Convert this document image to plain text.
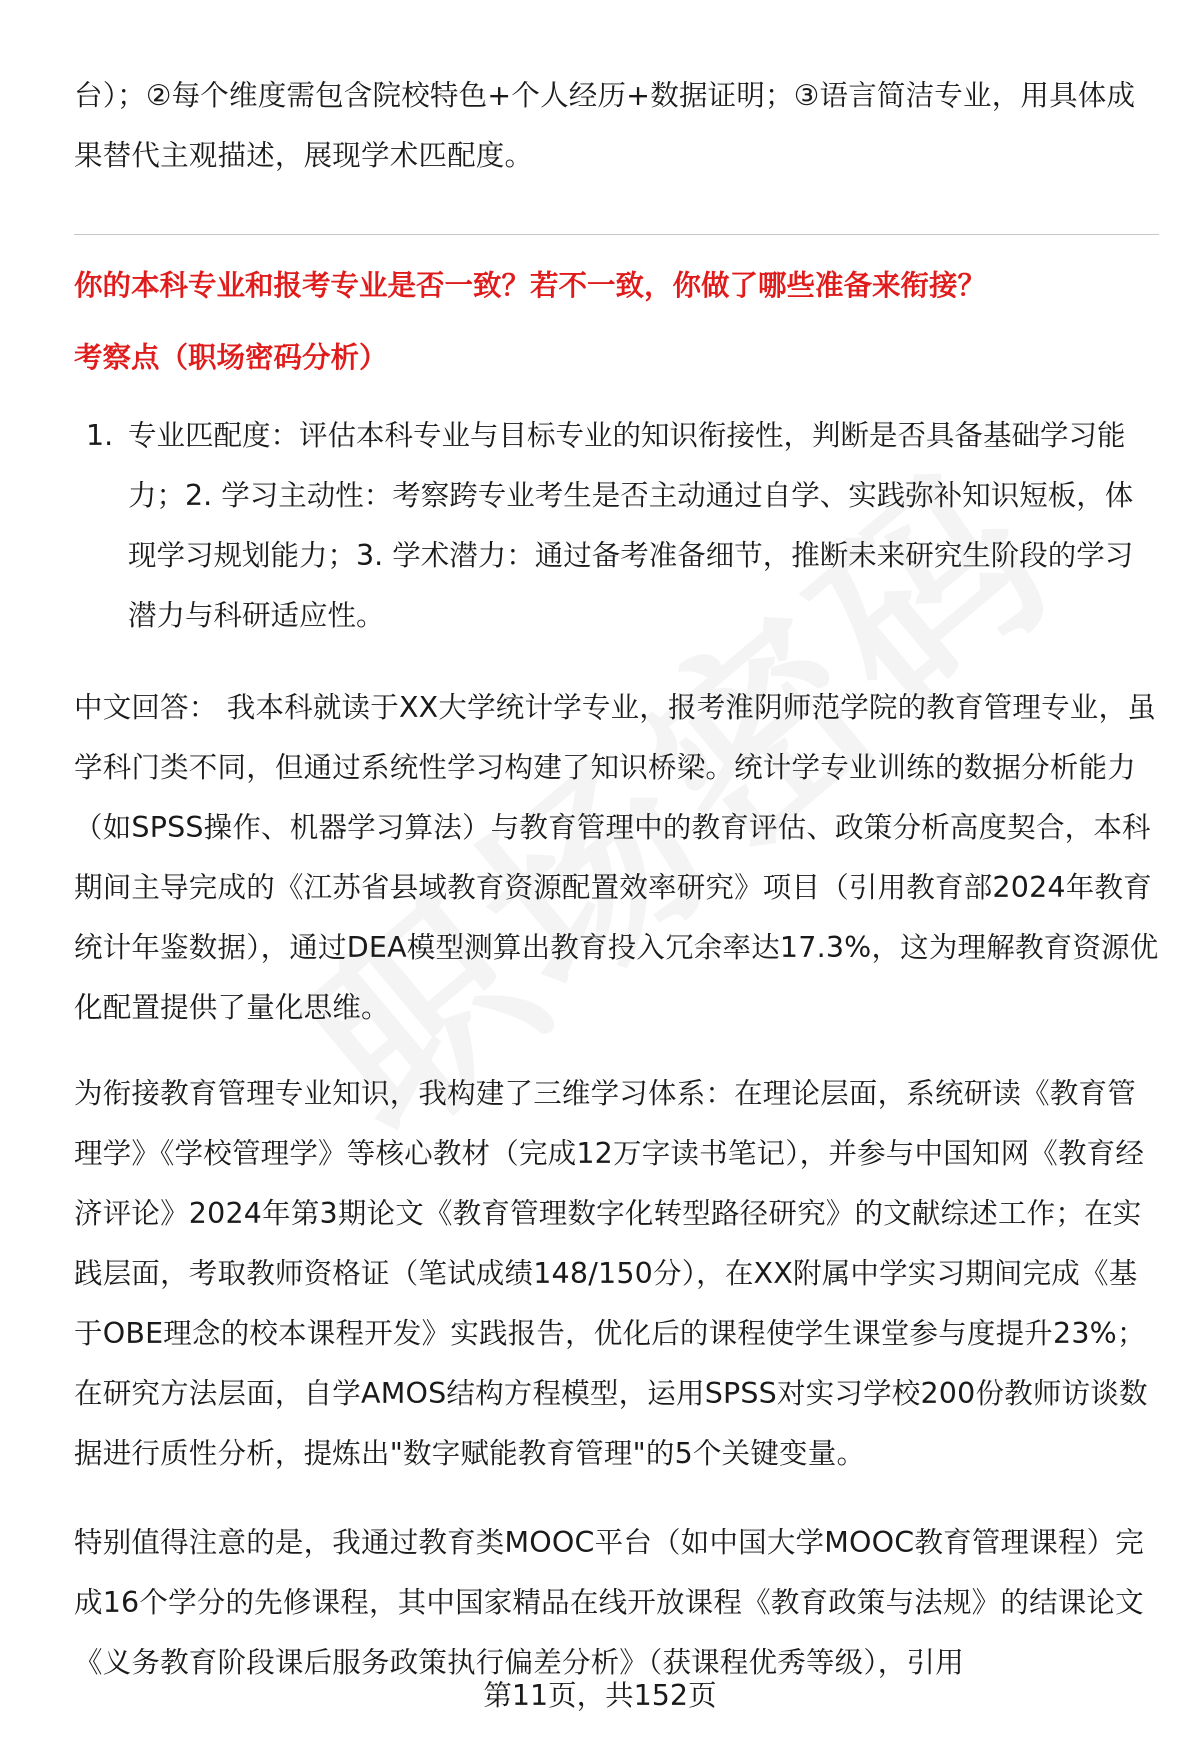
台）；②每个维度需包含院校特色+个人经历+数据证明；③语言简洁专业，用具体成果替代主观描述，展现学术匹配度。

你的本科专业和报考专业是否一致？若不一致，你做了哪些准备来衔接？

考察点（职场密码分析）

1. 专业匹配度：评估本科专业与目标专业的知识衔接性，判断是否具备基础学习能力；2. 学习主动性：考察跨专业考生是否主动通过自学、实践弥补知识短板，体现学习规划能力；3. 学术潜力：通过备考准备细节，推断未来研究生阶段的学习潜力与科研适应性。

中文回答： 我本科就读于XX大学统计学专业，报考淮阴师范学院的教育管理专业，虽学科门类不同，但通过系统性学习构建了知识桥梁。统计学专业训练的数据分析能力（如SPSS操作、机器学习算法）与教育管理中的教育评估、政策分析高度契合，本科期间主导完成的《江苏省县域教育资源配置效率研究》项目（引用教育部2024年教育统计年鉴数据），通过DEA模型测算出教育投入冗余率达17.3%，这为理解教育资源优化配置提供了量化思维。

为衔接教育管理专业知识，我构建了三维学习体系：在理论层面，系统研读《教育管理学》《学校管理学》等核心教材（完成12万字读书笔记），并参与中国知网《教育经济评论》2024年第3期论文《教育管理数字化转型路径研究》的文献综述工作；在实践层面，考取教师资格证（笔试成绩148/150分），在XX附属中学实习期间完成《基于OBE理念的校本课程开发》实践报告，优化后的课程使学生课堂参与度提升23%；在研究方法层面，自学AMOS结构方程模型，运用SPSS对实习学校200份教师访谈数据进行质性分析，提炼出"数字赋能教育管理"的5个关键变量。

特别值得注意的是，我通过教育类MOOC平台（如中国大学MOOC教育管理课程）完成16个学分的先修课程，其中国家精品在线开放课程《教育政策与法规》的结课论文《义务教育阶段课后服务政策执行偏差分析》（获课程优秀等级），引用

第11页，共152页
